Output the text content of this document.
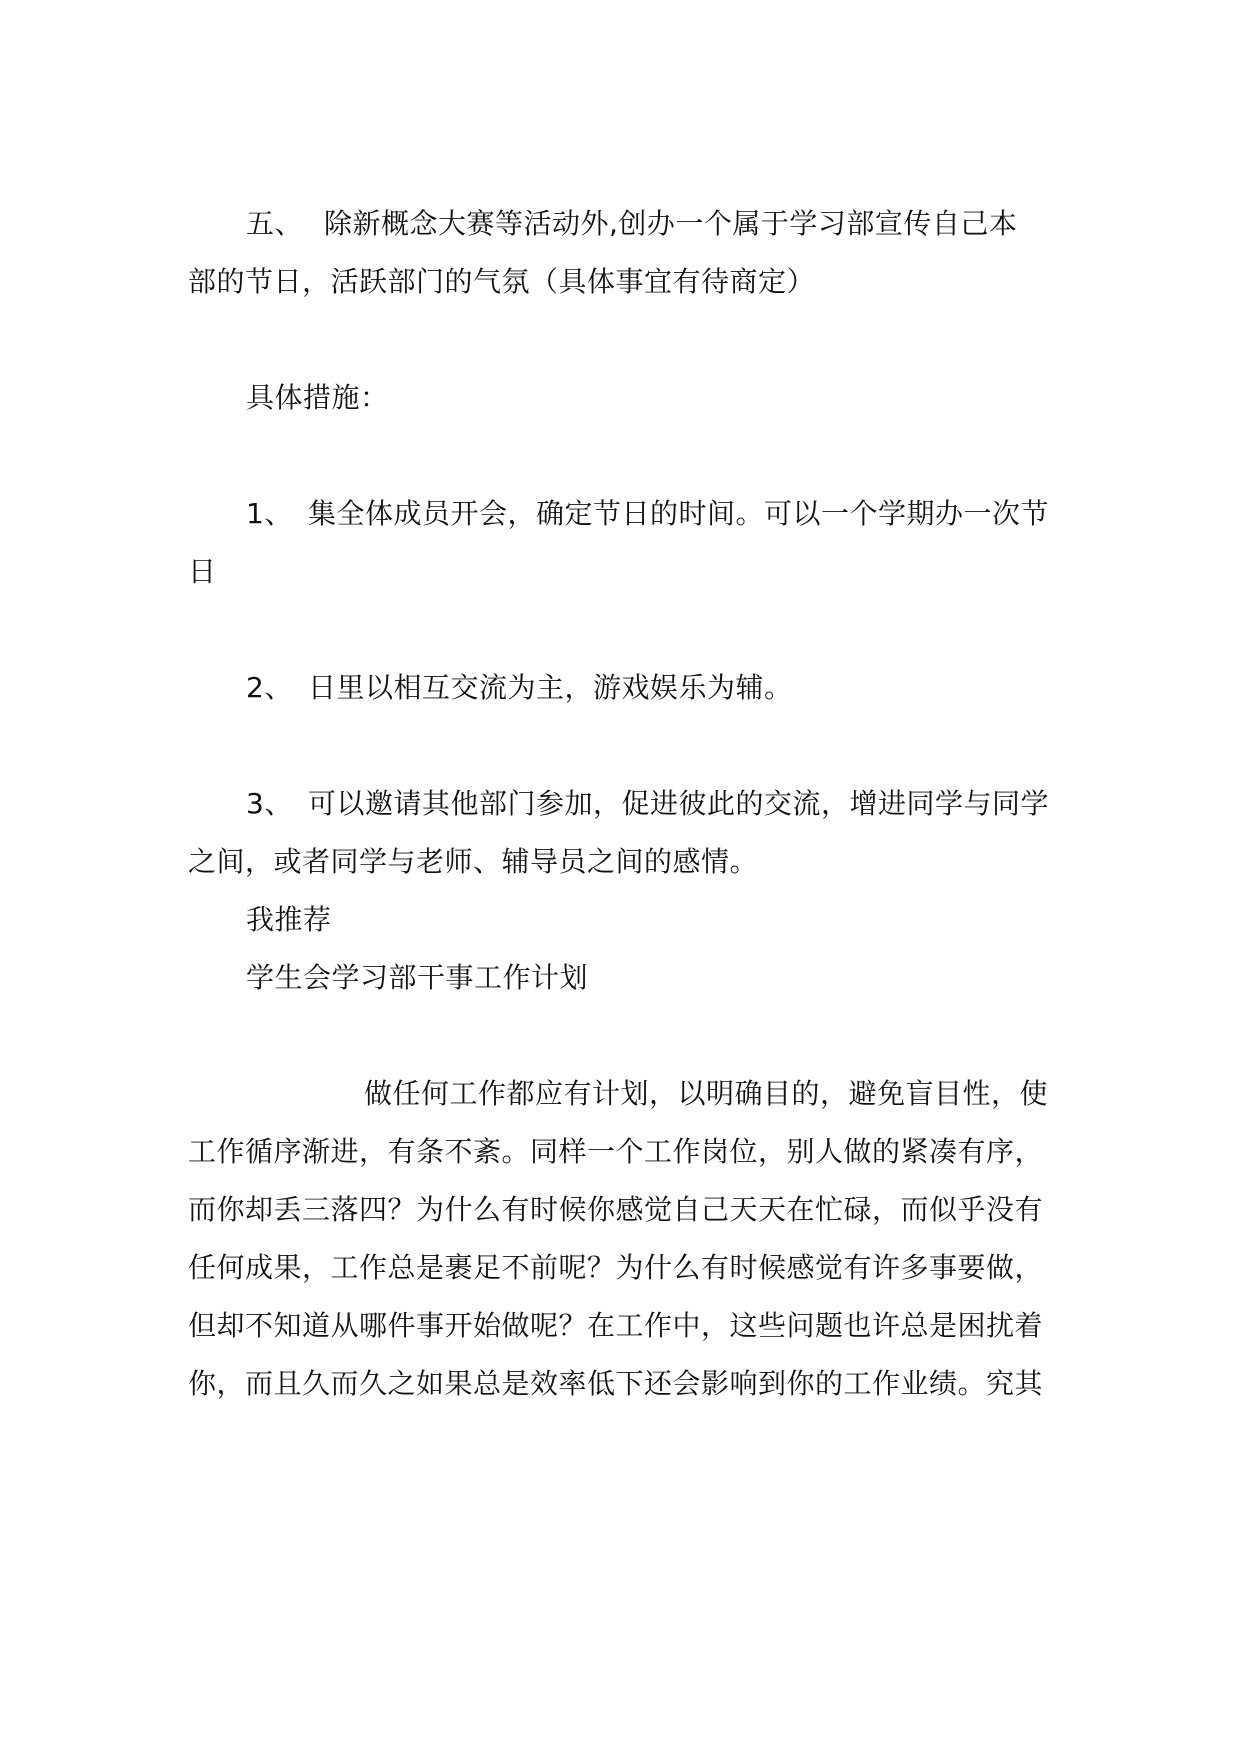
五、 除新概念大赛等活动外,创办一个属于学习部宣传自己本
部的节日，活跃部门的气氛（具体事宜有待商定）
具体措施：
1、 集全体成员开会，确定节日的时间。可以一个学期办一次节
日
2、 日里以相互交流为主，游戏娱乐为辅。
3、 可以邀请其他部门参加，促进彼此的交流，增进同学与同学
之间，或者同学与老师、辅导员之间的感情。
我推荐
学生会学习部干事工作计划
做任何工作都应有计划，以明确目的，避免盲目性，使
工作循序渐进，有条不紊。同样一个工作岗位，别人做的紧凑有序，
而你却丢三落四？为什么有时候你感觉自己天天在忙碌，而似乎没有
任何成果，工作总是裹足不前呢？为什么有时候感觉有许多事要做，
但却不知道从哪件事开始做呢？在工作中，这些问题也许总是困扰着
你，而且久而久之如果总是效率低下还会影响到你的工作业绩。究其
